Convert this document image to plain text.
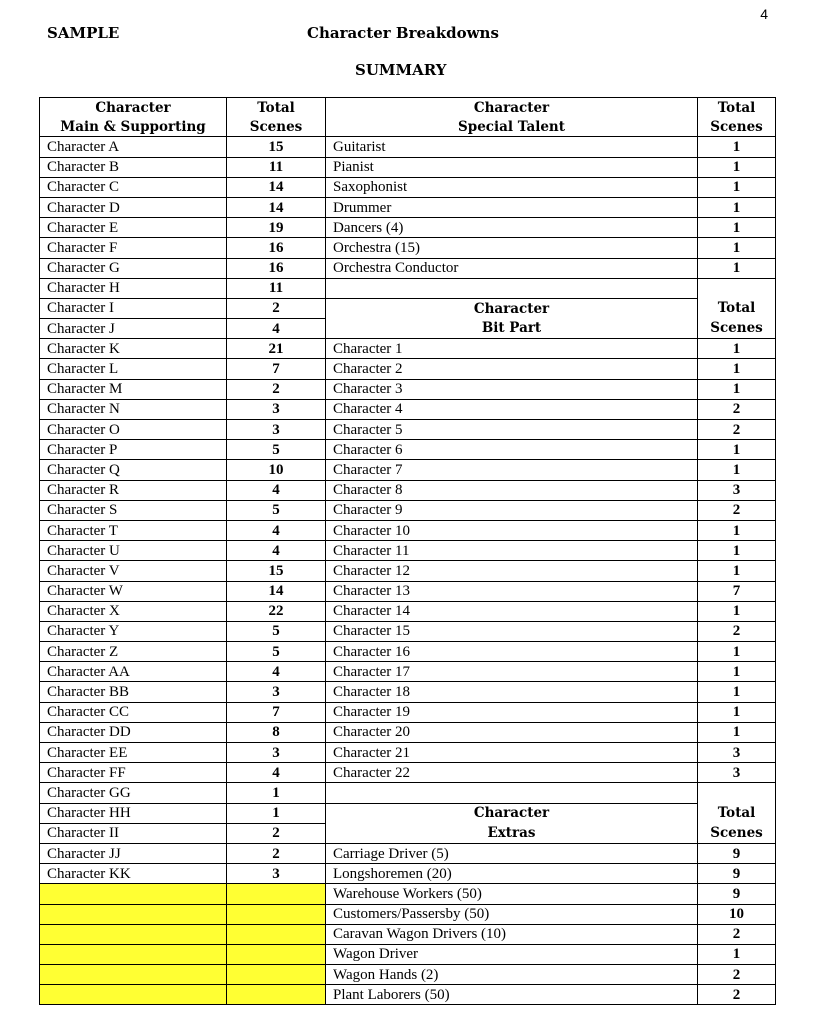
4
SAMPLE	Character Breakdowns
SUMMARY
Character	Total	Character	Total
Main & Supporting	Scenes	Special Talent	Scenes
Character A	15	Guitarist	1
Character B	11	Pianist	1
Character C	14	Saxophonist	1
Character D	14	Drummer	1
Character E	19	Dancers (4)	1
Character F	16	Orchestra (15)	1
Character G	16	Orchestra Conductor	1
Character H	11		
Character I	2	Character	Total
Character J	4	Bit Part	Scenes
Character K	21	Character 1	1
Character L	7	Character 2	1
Character M	2	Character 3	1
Character N	3	Character 4	2
Character O	3	Character 5	2
Character P	5	Character 6	1
Character Q	10	Character 7	1
Character R	4	Character 8	3
Character S	5	Character 9	2
Character T	4	Character 10	1
Character U	4	Character 11	1
Character V	15	Character 12	1
Character W	14	Character 13	7
Character X	22	Character 14	1
Character Y	5	Character 15	2
Character Z	5	Character 16	1
Character AA	4	Character 17	1
Character BB	3	Character 18	1
Character CC	7	Character 19	1
Character DD	8	Character 20	1
Character EE	3	Character 21	3
Character FF	4	Character 22	3
Character GG	1		
Character HH	1	Character	Total
Character II	2	Extras	Scenes
Character JJ	2	Carriage Driver (5)	9
Character KK	3	Longshoremen (20)	9
		Warehouse Workers (50)	9
		Customers/Passersby (50)	10
		Caravan Wagon Drivers (10)	2
		Wagon Driver	1
		Wagon Hands (2)	2
		Plant Laborers (50)	2
